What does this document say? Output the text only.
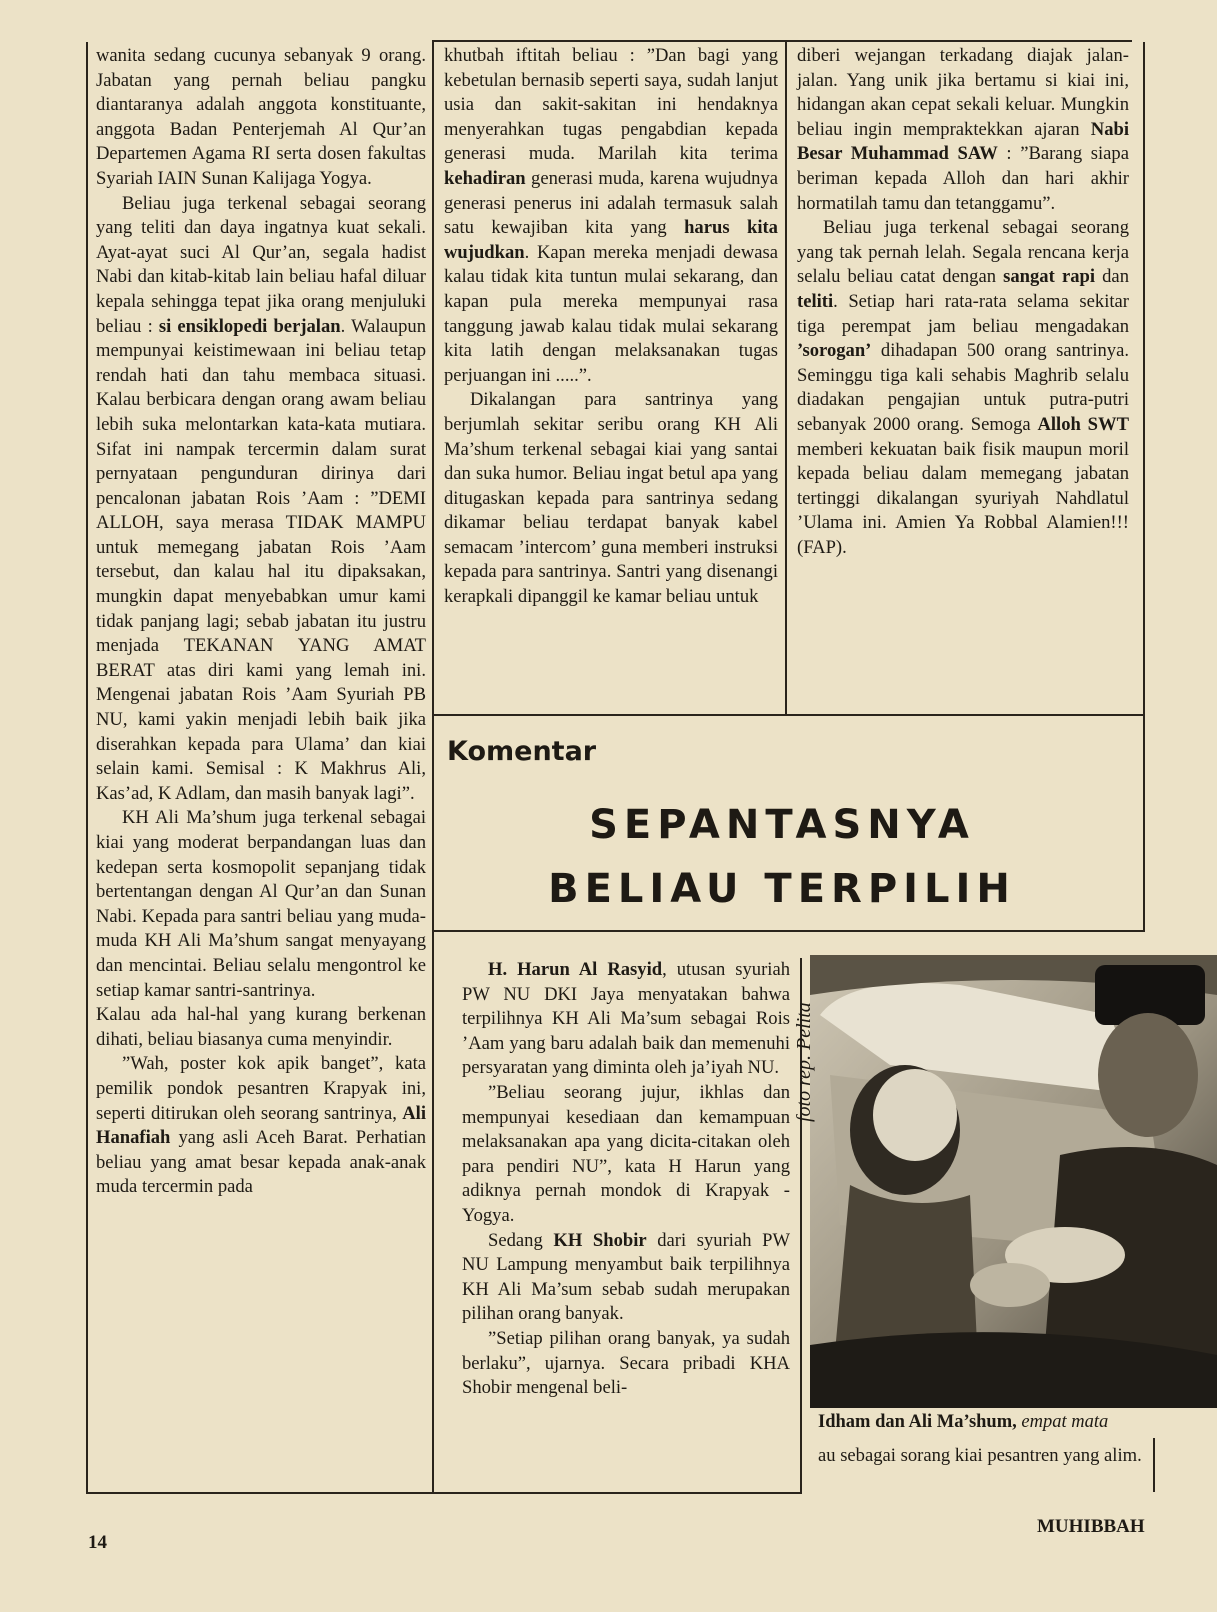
wanita sedang cucunya sebanyak 9 orang. Jabatan yang pernah beliau pangku diantaranya adalah anggota konstituante, anggota Badan Penterjemah Al Qur’an Departemen Agama RI serta dosen fakultas Syariah IAIN Sunan Kalijaga Yogya.

Beliau juga terkenal sebagai seorang yang teliti dan daya ingatnya kuat sekali. Ayat-ayat suci Al Qur’an, segala hadist Nabi dan kitab-kitab lain beliau hafal diluar kepala sehingga tepat jika orang menjuluki beliau : si ensiklopedi berjalan. Walaupun mempunyai keistimewaan ini beliau tetap rendah hati dan tahu membaca situasi. Kalau berbicara dengan orang awam beliau lebih suka melontarkan kata-kata mutiara. Sifat ini nampak tercermin dalam surat pernyataan pengunduran dirinya dari pencalonan jabatan Rois ’Aam : ”DEMI ALLOH, saya merasa TIDAK MAMPU untuk memegang jabatan Rois ’Aam tersebut, dan kalau hal itu dipaksakan, mungkin dapat menyebabkan umur kami tidak panjang lagi; sebab jabatan itu justru menjada TEKANAN YANG AMAT BERAT atas diri kami yang lemah ini. Mengenai jabatan Rois ’Aam Syuriah PB NU, kami yakin menjadi lebih baik jika diserahkan kepada para Ulama’ dan kiai selain kami. Semisal : K Makhrus Ali, Kas’ad, K Adlam, dan masih banyak lagi”.

KH Ali Ma’shum juga terkenal sebagai kiai yang moderat berpandangan luas dan kedepan serta kosmopolit sepanjang tidak bertentangan dengan Al Qur’an dan Sunan Nabi. Kepada para santri beliau yang muda-muda KH Ali Ma’shum sangat menyayang dan mencintai. Beliau selalu mengontrol ke setiap kamar santri-santrinya.

Kalau ada hal-hal yang kurang berkenan dihati, beliau biasanya cuma menyindir.

”Wah, poster kok apik banget”, kata pemilik pondok pesantren Krapyak ini, seperti ditirukan oleh seorang santrinya, Ali Hanafiah yang asli Aceh Barat. Perhatian beliau yang amat besar kepada anak-anak muda tercermin pada

khutbah iftitah beliau : ”Dan bagi yang kebetulan bernasib seperti saya, sudah lanjut usia dan sakit-sakitan ini hendaknya menyerahkan tugas pengabdian kepada generasi muda. Marilah kita terima kehadiran generasi muda, karena wujudnya generasi penerus ini adalah termasuk salah satu kewajiban kita yang harus kita wujudkan. Kapan mereka menjadi dewasa kalau tidak kita tuntun mulai sekarang, dan kapan pula mereka mempunyai rasa tanggung jawab kalau tidak mulai sekarang kita latih dengan melaksanakan tugas perjuangan ini .....”.

Dikalangan para santrinya yang berjumlah sekitar seribu orang KH Ali Ma’shum terkenal sebagai kiai yang santai dan suka humor. Beliau ingat betul apa yang ditugaskan kepada para santrinya sedang dikamar beliau terdapat banyak kabel semacam ’intercom’ guna memberi instruksi kepada para santrinya. Santri yang disenangi kerapkali dipanggil ke kamar beliau untuk

diberi wejangan terkadang diajak jalan-jalan. Yang unik jika bertamu si kiai ini, hidangan akan cepat sekali keluar. Mungkin beliau ingin mempraktekkan ajaran Nabi Besar Muhammad SAW : ”Barang siapa beriman kepada Alloh dan hari akhir hormatilah tamu dan tetanggamu”.

Beliau juga terkenal sebagai seorang yang tak pernah lelah. Segala rencana kerja selalu beliau catat dengan sangat rapi dan teliti. Setiap hari rata-rata selama sekitar tiga perempat jam beliau mengadakan ’sorogan’ dihadapan 500 orang santrinya. Seminggu tiga kali sehabis Maghrib selalu diadakan pengajian untuk putra-putri sebanyak 2000 orang. Semoga Alloh SWT memberi kekuatan baik fisik maupun moril kepada beliau dalam memegang jabatan tertinggi dikalangan syuriyah Nahdlatul ’Ulama ini. Amien Ya Robbal Alamien!!! (FAP).

Komentar
SEPANTASNYA
BELIAU TERPILIH

H. Harun Al Rasyid, utusan syuriah PW NU DKI Jaya menyatakan bahwa terpilihnya KH Ali Ma’sum sebagai Rois ’Aam yang baru adalah baik dan memenuhi persyaratan yang diminta oleh ja’iyah NU.

”Beliau seorang jujur, ikhlas dan mempunyai kesediaan dan kemampuan melaksanakan apa yang dicita-citakan oleh para pendiri NU”, kata H Harun yang adiknya pernah mondok di Krapyak - Yogya.

Sedang KH Shobir dari syuriah PW NU Lampung menyambut baik terpilihnya KH Ali Ma’sum sebab sudah merupakan pilihan orang banyak.

”Setiap pilihan orang banyak, ya sudah berlaku”, ujarnya. Secara pribadi KHA Shobir mengenal beli-

foto rep. Pelita
Idham dan Ali Ma’shum, empat mata

au sebagai sorang kiai pesantren yang alim.

14
MUHIBBAH
